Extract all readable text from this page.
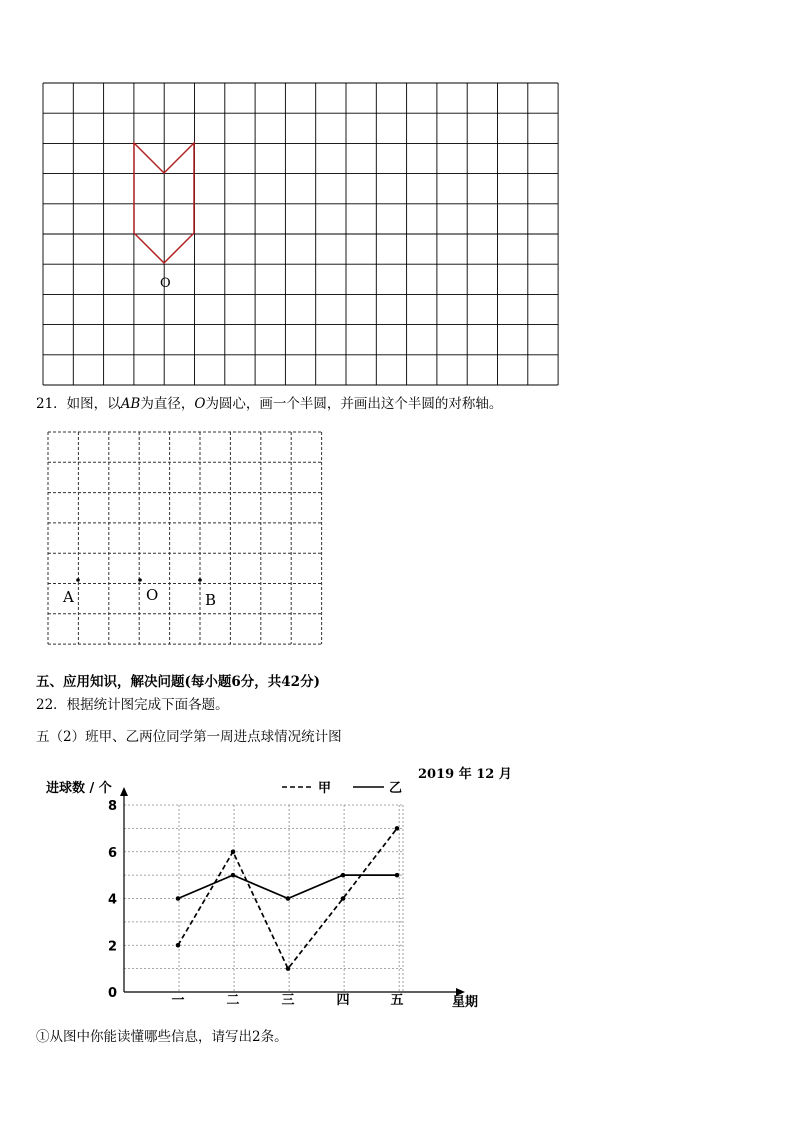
O
21．如图，以AB为直径，O为圆心，画一个半圆，并画出这个半圆的对称轴。
A	O	B
五、应用知识，解决问题(每小题6分，共42分)
22．根据统计图完成下面各题。
五（2）班甲、乙两位同学第一周进点球情况统计图
0
2
4
6
8
一	二	三	四	五
甲	乙
进球数 / 个
星期
2019 年 12 月
①从图中你能读懂哪些信息，请写出2条。
